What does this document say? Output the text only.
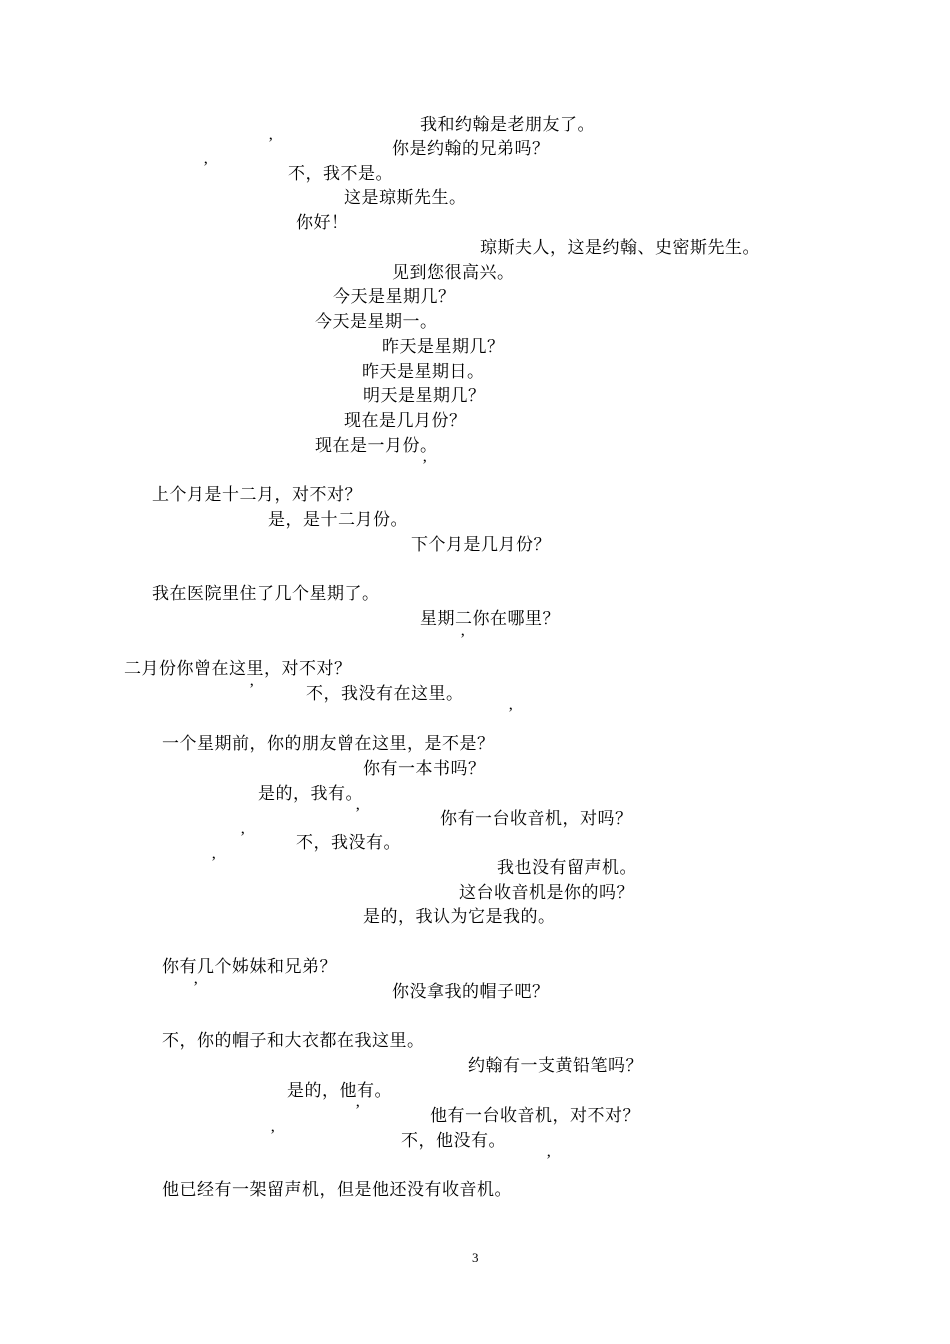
我和约翰是老朋友了。
’	你是约翰的兄弟吗？
’	不，我不是。
这是琼斯先生。
你好！
琼斯夫人，这是约翰、史密斯先生。
见到您很高兴。
今天是星期几？
今天是星期一。
昨天是星期几？
昨天是星期日。
明天是星期几？
现在是几月份？
现在是一月份。
’
上个月是十二月，对不对？
是，是十二月份。
下个月是几月份？
我在医院里住了几个星期了。
星期二你在哪里？
’
二月份你曾在这里，对不对？
’	不，我没有在这里。
’
一个星期前，你的朋友曾在这里，是不是？
你有一本书吗？
是的，我有。
’	你有一台收音机，对吗？
’	不，我没有。
’	我也没有留声机。
这台收音机是你的吗？
是的，我认为它是我的。
你有几个姊妹和兄弟？
’	你没拿我的帽子吧？
不，你的帽子和大衣都在我这里。
约翰有一支黄铅笔吗？
是的，他有。
’	他有一台收音机，对不对？
’	不，他没有。
’
他已经有一架留声机，但是他还没有收音机。
3
